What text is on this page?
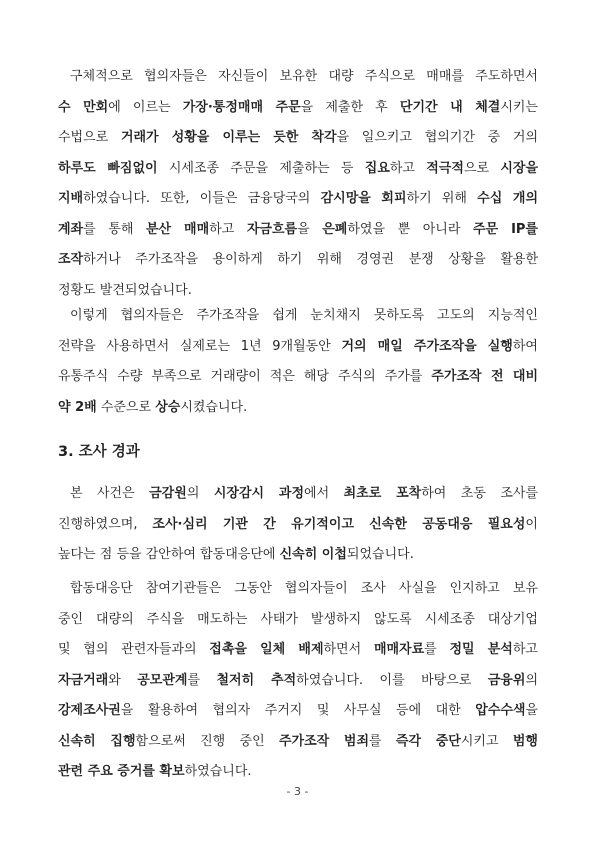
구체적으로 협의자들은 자신들이 보유한 대량 주식으로 매매를 주도하면서
수 만회에 이르는 가장·통정매매 주문을 제출한 후 단기간 내 체결시키는
수법으로 거래가 성황을 이루는 듯한 착각을 일으키고 협의기간 중 거의
하루도 빠짐없이 시세조종 주문을 제출하는 등 집요하고 적극적으로 시장을
지배하였습니다. 또한, 이들은 금융당국의 감시망을 회피하기 위해 수십 개의
계좌를 통해 분산 매매하고 자금흐름을 은폐하였을 뿐 아니라 주문 IP를
조작하거나 주가조작을 용이하게 하기 위해 경영권 분쟁 상황을 활용한
정황도 발견되었습니다.
이렇게 협의자들은 주가조작을 쉽게 눈치채지 못하도록 고도의 지능적인
전략을 사용하면서 실제로는 1년 9개월동안 거의 매일 주가조작을 실행하여
유통주식 수량 부족으로 거래량이 적은 해당 주식의 주가를 주가조작 전 대비
약 2배 수준으로 상승시켰습니다.
3. 조사 경과
본 사건은 금감원의 시장감시 과정에서 최초로 포착하여 초동 조사를
진행하였으며, 조사·심리 기관 간 유기적이고 신속한 공동대응 필요성이
높다는 점 등을 감안하여 합동대응단에 신속히 이첩되었습니다.
합동대응단 참여기관들은 그동안 협의자들이 조사 사실을 인지하고 보유
중인 대량의 주식을 매도하는 사태가 발생하지 않도록 시세조종 대상기업
및 협의 관련자들과의 접촉을 일체 배제하면서 매매자료를 정밀 분석하고
자금거래와 공모관계를 철저히 추적하였습니다. 이를 바탕으로 금융위의
강제조사권을 활용하여 협의자 주거지 및 사무실 등에 대한 압수수색을
신속히 집행함으로써 진행 중인 주가조작 범죄를 즉각 중단시키고 범행
관련 주요 증거를 확보하였습니다.
- 3 -
